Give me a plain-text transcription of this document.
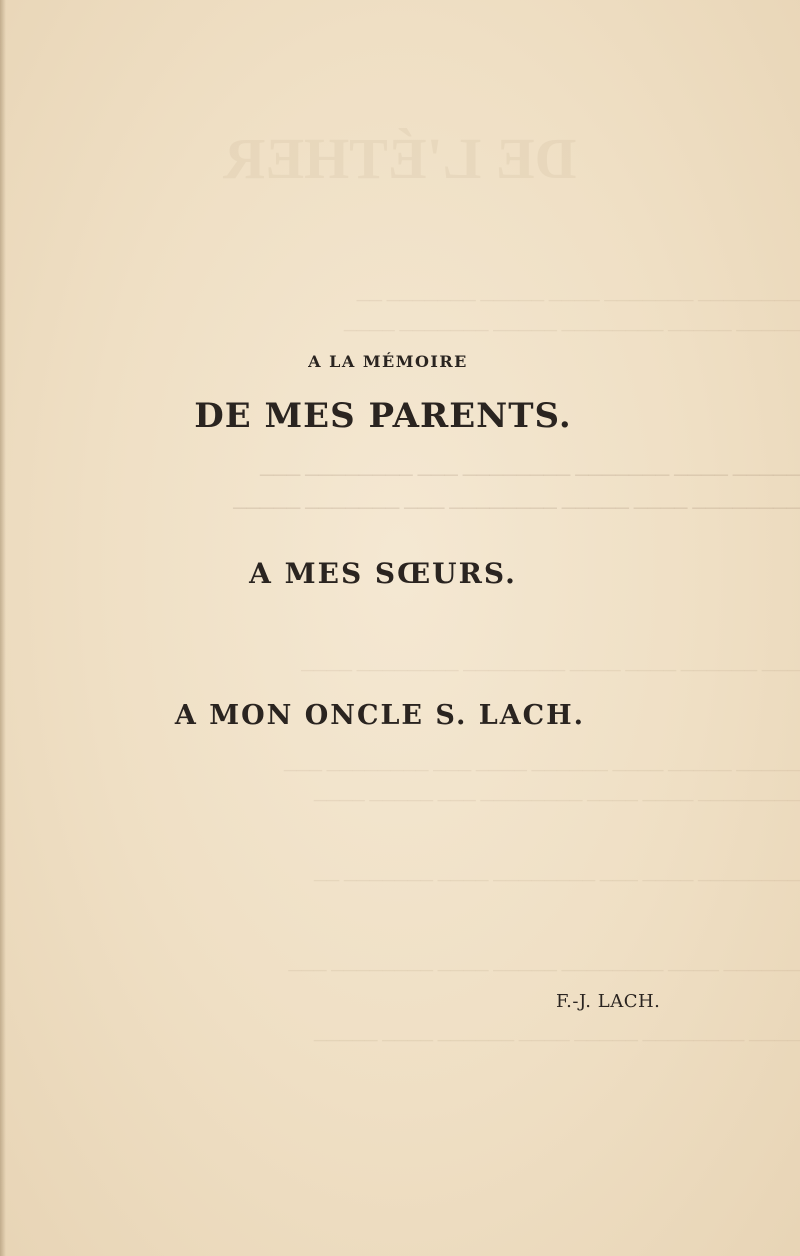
DE L'ÉTHER
──────── ─────── ──── ───── ─────── ──
───── ───── ──────── ───── ─────── ────
───── ──── ─────── ──────── ─── ──────── ───
──────── ──── ───── ──────── ─── ─────── ─────
─── ────── ──── ──── ──────── ──────── ────
───── ───── ──── ────── ──── ─── ──────── ───
──────── ──── ──── ──────── ─── ───── ────
──────── ──── ─── ──────── ──── ─────── ──
────── ──── ──────── ───── ──── ──────── ───
──── ──────── ───── ──── ────── ──── ─────
A LA MÉMOIRE
DE MES PARENTS.
A MES SŒURS.
A MON ONCLE S. LACH.
F.-J. LACH.
